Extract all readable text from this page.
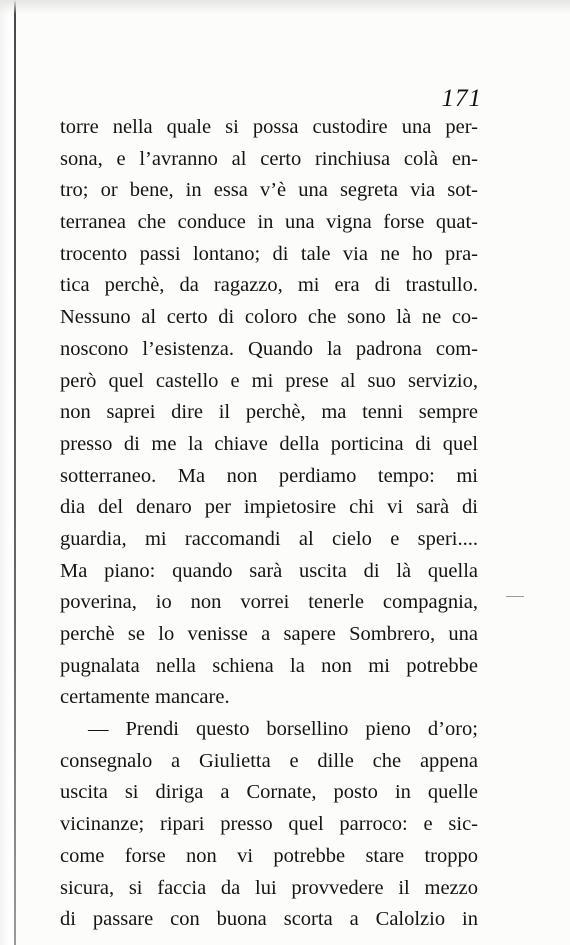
171
torre nella quale si possa custodire una per-
sona, e l’avranno al certo rinchiusa colà en-
tro; or bene, in essa v’è una segreta via sot-
terranea che conduce in una vigna forse quat-
trocento passi lontano; di tale via ne ho pra-
tica perchè, da ragazzo, mi era di trastullo.
Nessuno al certo di coloro che sono là ne co-
noscono l’esistenza. Quando la padrona com-
però quel castello e mi prese al suo servizio,
non saprei dire il perchè, ma tenni sempre
presso di me la chiave della porticina di quel
sotterraneo. Ma non perdiamo tempo: mi
dia del denaro per impietosire chi vi sarà di
guardia, mi raccomandi al cielo e speri....
Ma piano: quando sarà uscita di là quella
poverina, io non vorrei tenerle compagnia,
perchè se lo venisse a sapere Sombrero, una
pugnalata nella schiena la non mi potrebbe
certamente mancare.
— Prendi questo borsellino pieno d’oro;
consegnalo a Giulietta e dille che appena
uscita si diriga a Cornate, posto in quelle
vicinanze; ripari presso quel parroco: e sic-
come forse non vi potrebbe stare troppo
sicura, si faccia da lui provvedere il mezzo
di passare con buona scorta a Calolzio in
